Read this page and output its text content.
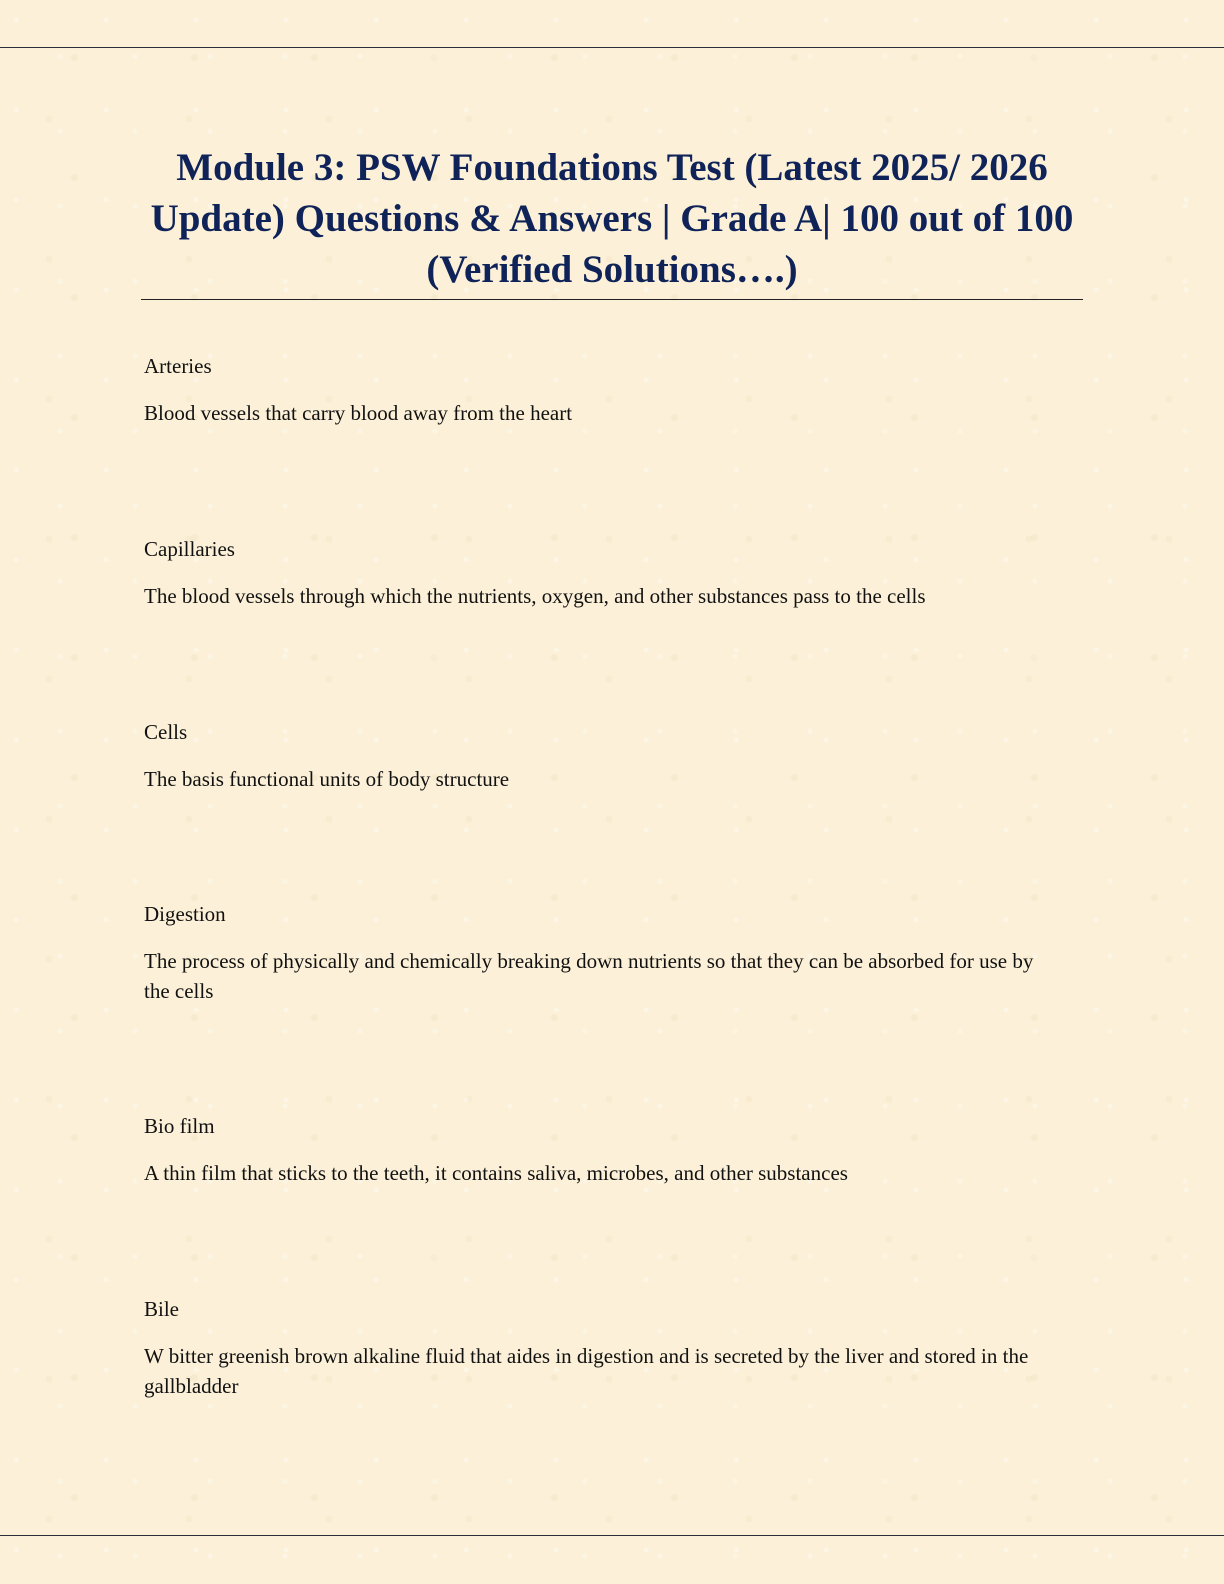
Module 3: PSW Foundations Test (Latest 2025/ 2026 Update) Questions & Answers | Grade A| 100 out of 100 (Verified Solutions….)

Arteries

Blood vessels that carry blood away from the heart

Capillaries

The blood vessels through which the nutrients, oxygen, and other substances pass to the cells

Cells

The basis functional units of body structure

Digestion

The process of physically and chemically breaking down nutrients so that they can be absorbed for use by the cells

Bio film

A thin film that sticks to the teeth, it contains saliva, microbes, and other substances

Bile

W bitter greenish brown alkaline fluid that aides in digestion and is secreted by the liver and stored in the gallbladder
